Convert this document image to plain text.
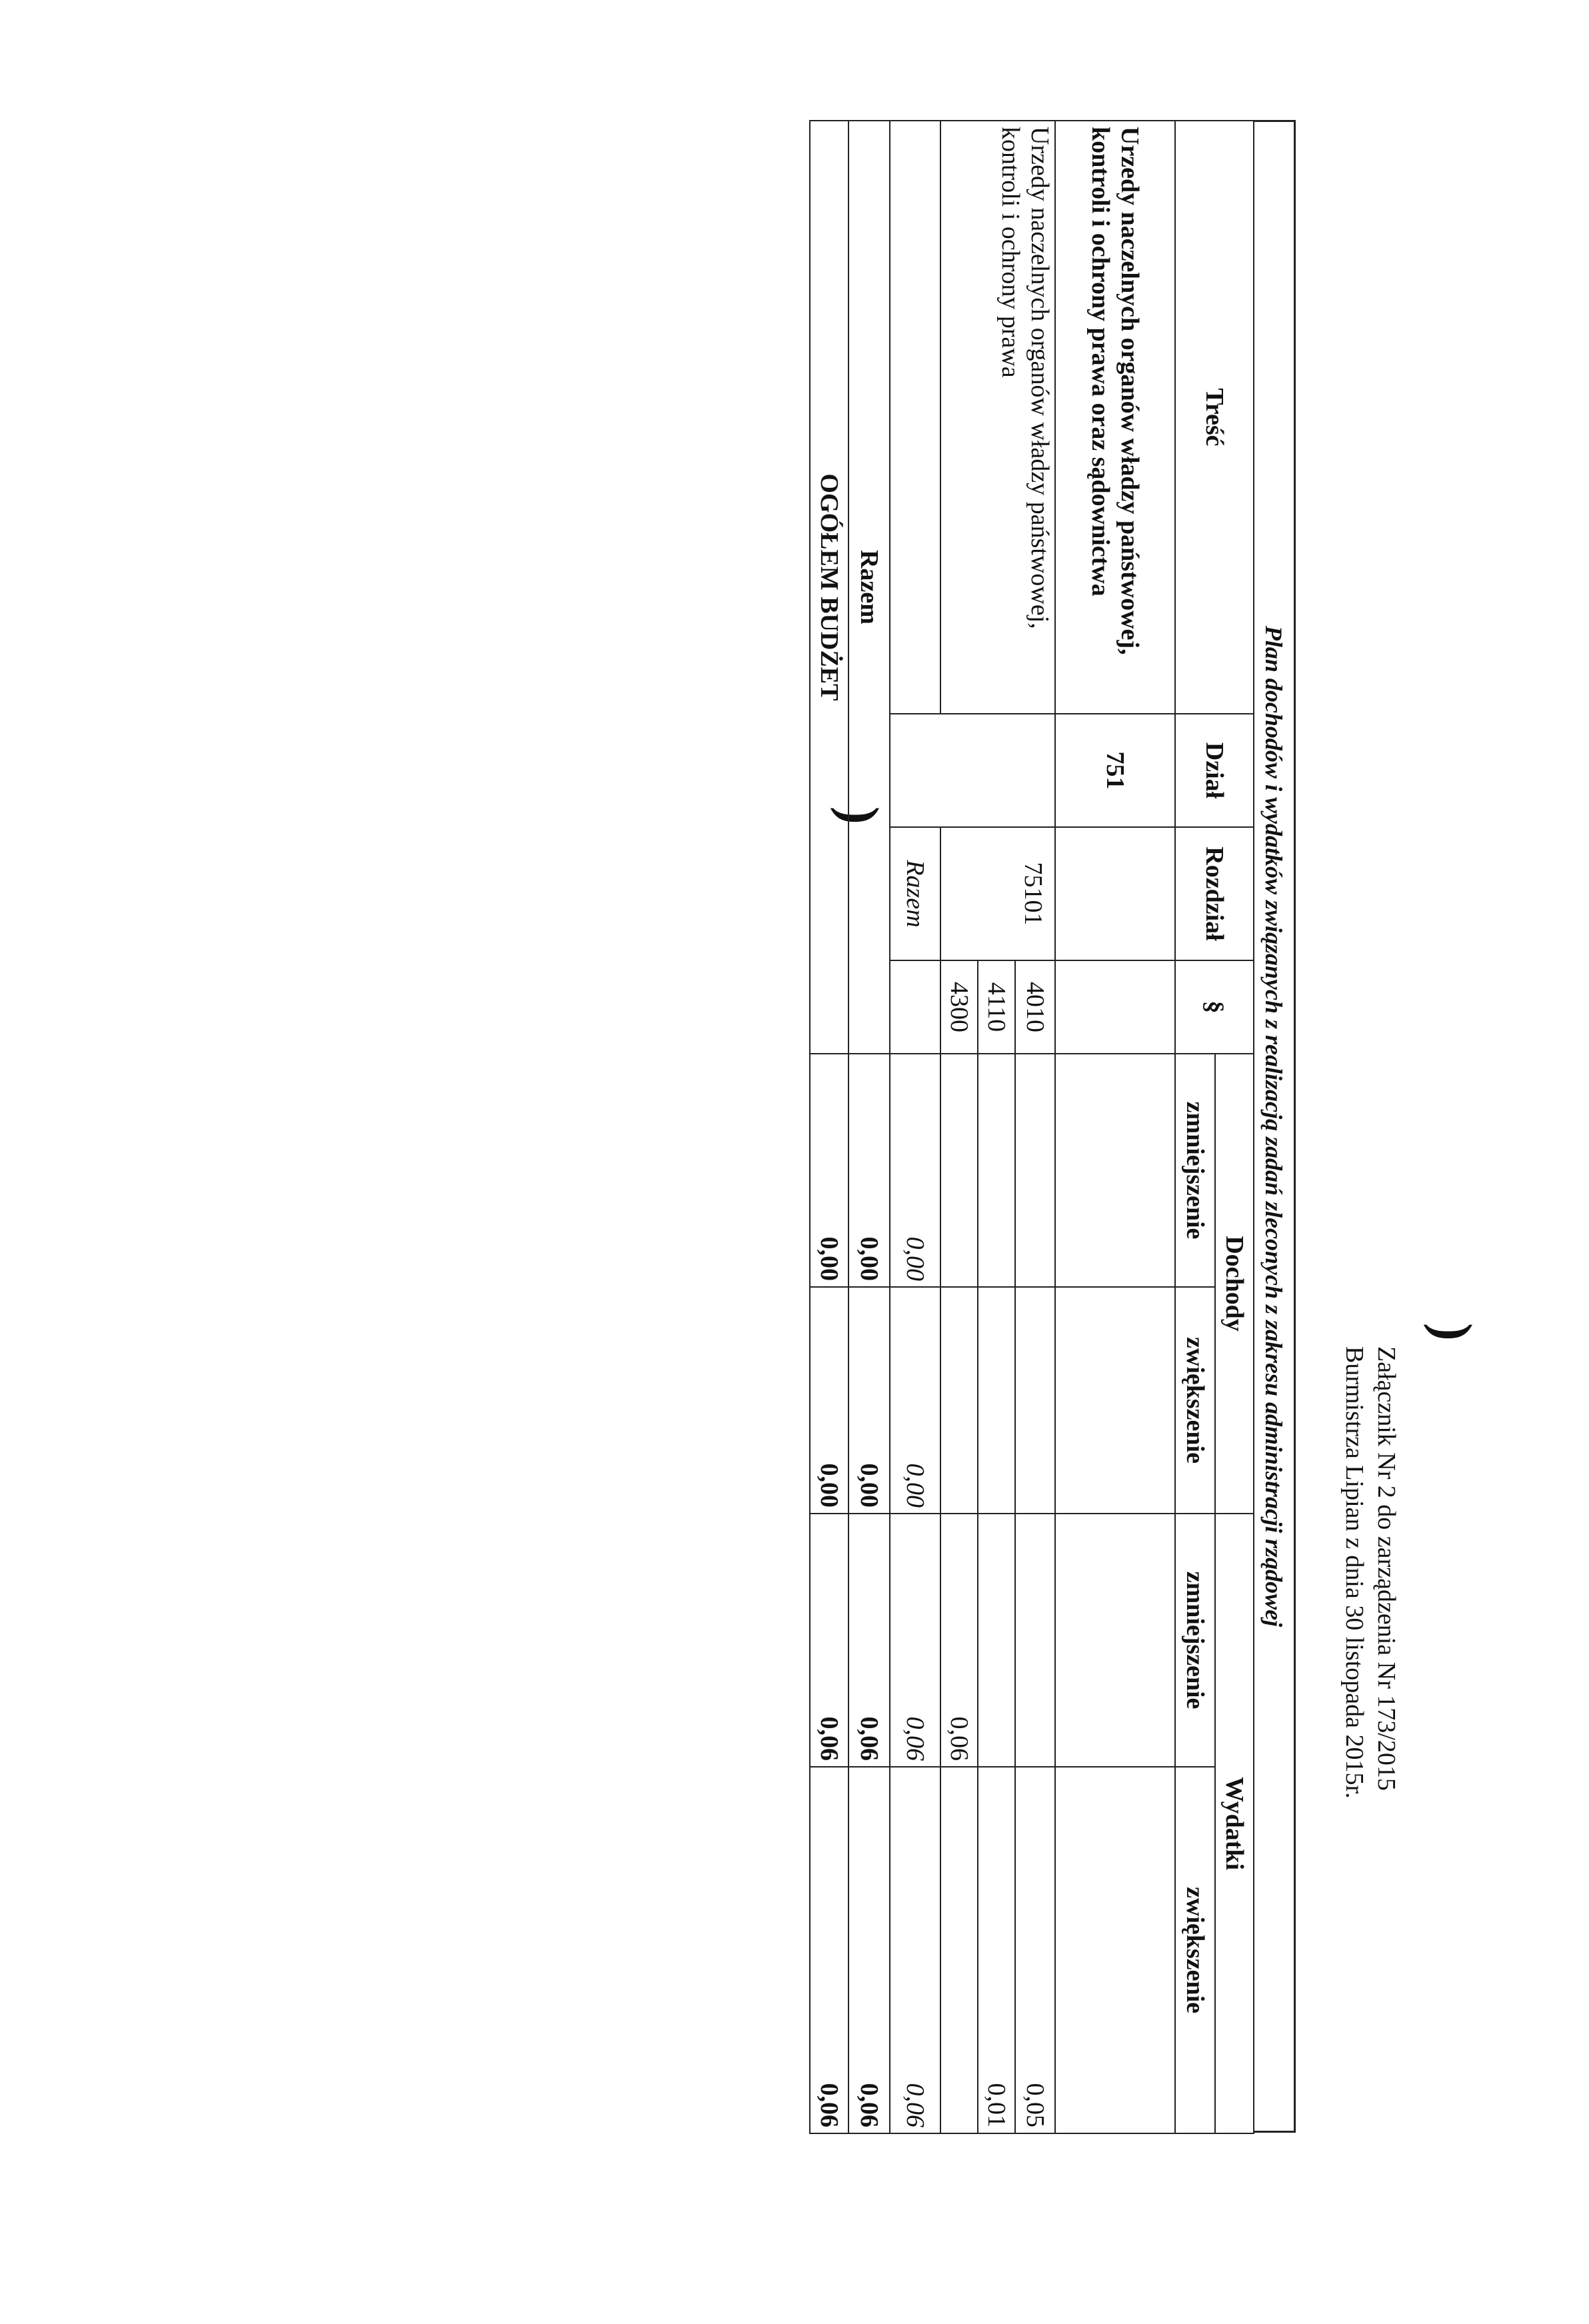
Załącznik Nr 2 do zarządzenia Nr 173/2015
Burmistrza Lipian z dnia 30 listopada 2015r.
)
)	Plan dochodów i wydatków związanych z realizacją zadań zleconych z zakresu administracji rządowej
Treść	Dział	Rozdział	§	Dochody		Wydatki	
				zmniejszenie	zwiększenie	zmniejszenie	zwiększenie
Urzedy naczelnych organów władzy państwowej, kontroli i ochrony prawa oraz sądownictwa	751						
Urzedy naczelnych organów władzy państwowej, kontroli i ochrony prawa		75101	4010				0,05
			4110				0,01
			4300			0,06	
		Razem		0,00	0,00	0,06	0,06
Razem				0,00	0,00	0,06	0,06
OGÓŁEM BUDŻET				0,00	0,00	0,06	0,06
